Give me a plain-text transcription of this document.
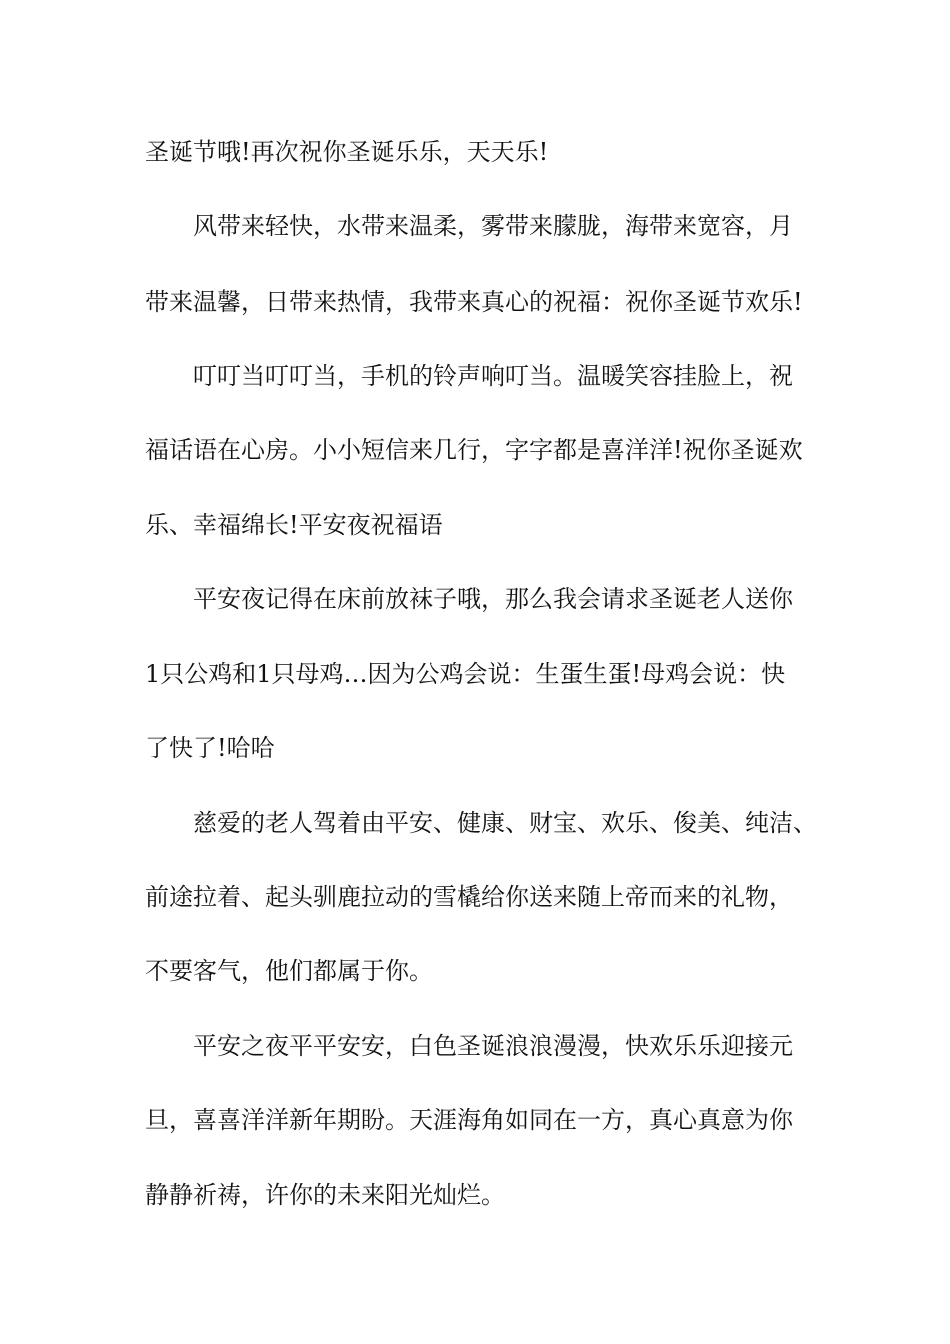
圣诞节哦!再次祝你圣诞乐乐，天天乐!
风带来轻快，水带来温柔，雾带来朦胧，海带来宽容，月
带来温馨，日带来热情，我带来真心的祝福：祝你圣诞节欢乐!
叮叮当叮叮当，手机的铃声响叮当。温暖笑容挂脸上，祝
福话语在心房。小小短信来几行，字字都是喜洋洋!祝你圣诞欢
乐、幸福绵长!平安夜祝福语
平安夜记得在床前放袜子哦，那么我会请求圣诞老人送你
1只公鸡和1只母鸡…因为公鸡会说：生蛋生蛋!母鸡会说：快
了快了!哈哈
慈爱的老人驾着由平安、健康、财宝、欢乐、俊美、纯洁、
前途拉着、起头驯鹿拉动的雪橇给你送来随上帝而来的礼物，
不要客气，他们都属于你。
平安之夜平平安安，白色圣诞浪浪漫漫，快欢乐乐迎接元
旦，喜喜洋洋新年期盼。天涯海角如同在一方，真心真意为你
静静祈祷，许你的未来阳光灿烂。
